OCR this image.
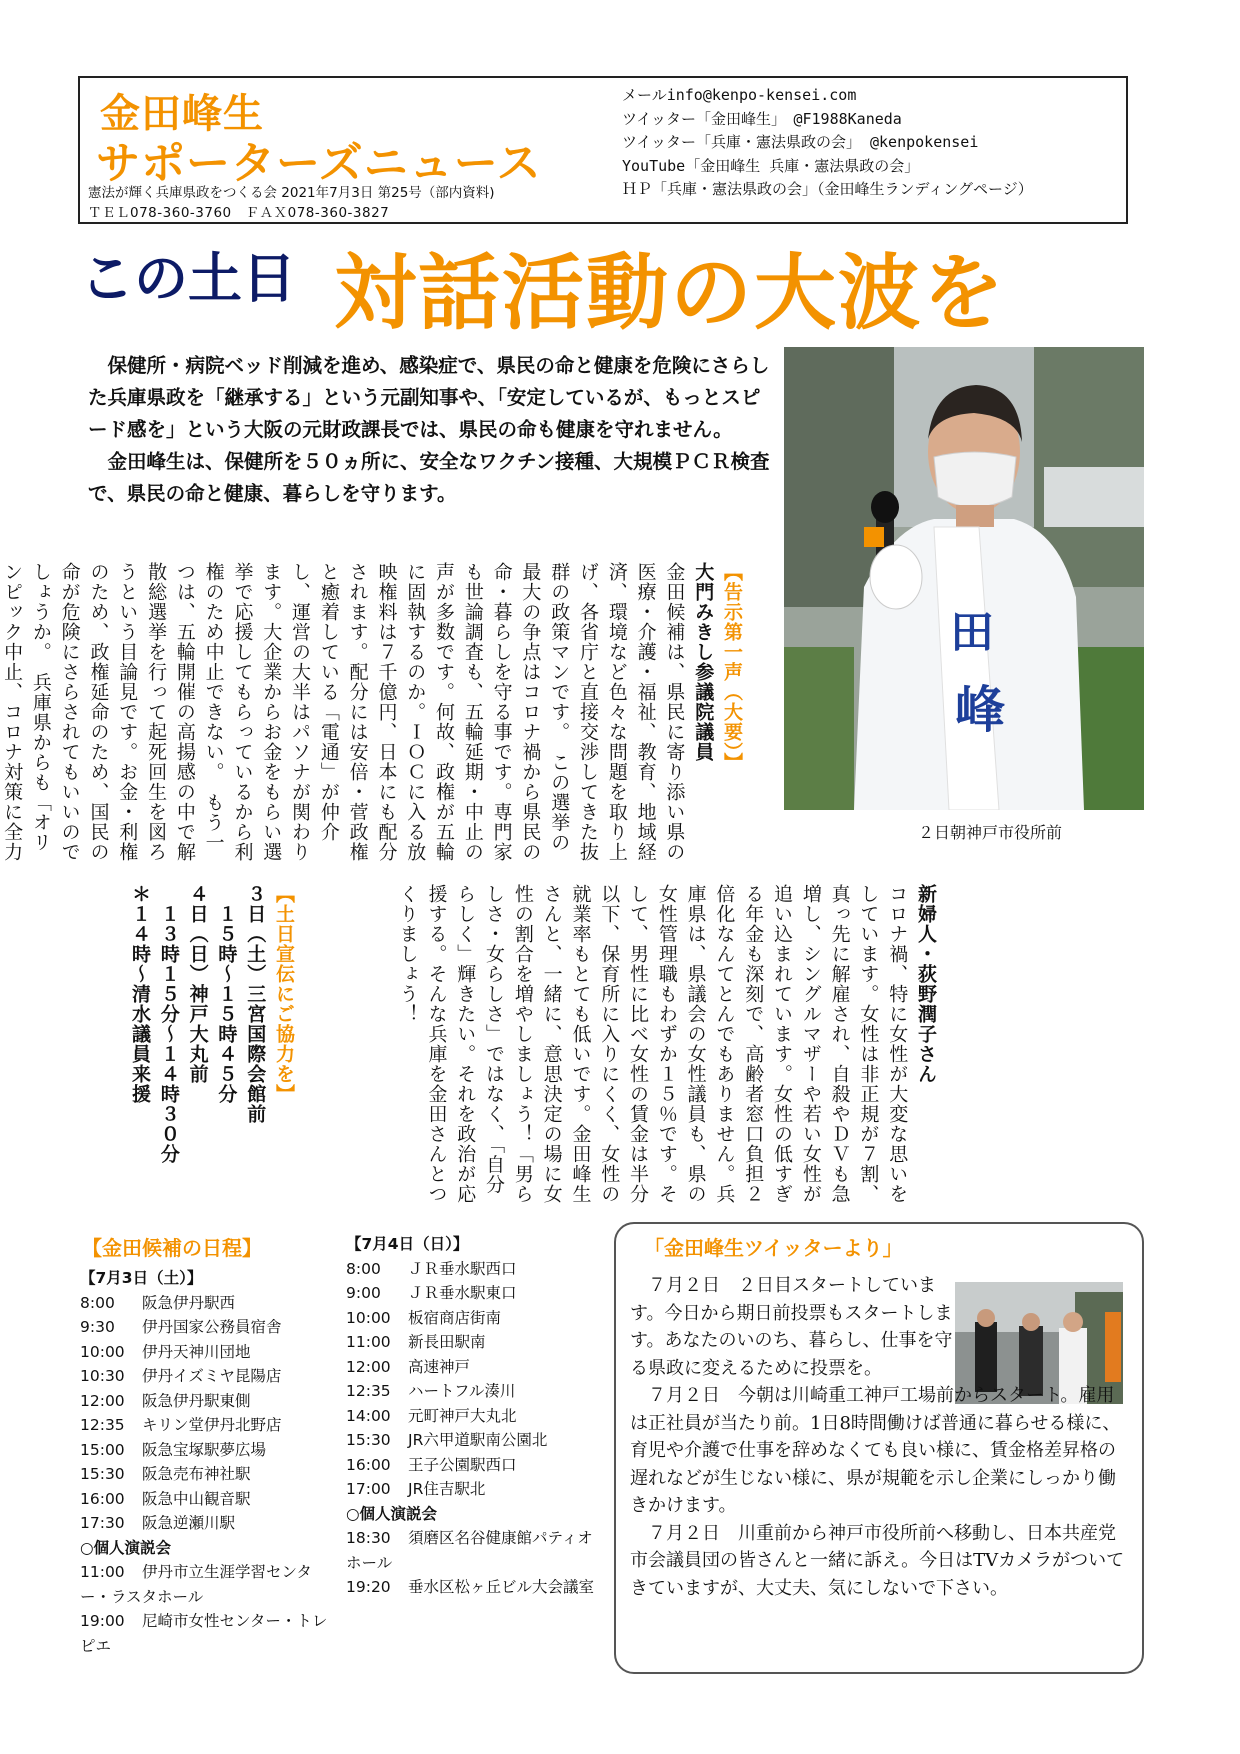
金田峰生
サポーターズニュース
憲法が輝く兵庫県政をつくる会 2021年7月3日 第25号（部内資料)
ＴＥＬ078-360-3760　ＦＡＸ078-360-3827
メールinfo@kenpo-kensei.com
ツイッター「金田峰生」　@F1988Kaneda
ツイッター「兵庫・憲法県政の会」 @kenpokensei
YouTube「金田峰生 兵庫・憲法県政の会」
ＨＰ「兵庫・憲法県政の会」（金田峰生ランディングページ）
この土日 対話活動の大波を

保健所・病院ベッド削減を進め、感染症で、県民の命と健康を危険にさらした兵庫県政を「継承する」という元副知事や、「安定しているが、もっとスピード感を」という大阪の元財政課長では、県民の命も健康を守れません。

金田峰生は、保健所を５０ヵ所に、安全なワクチン接種、大規模ＰＣＲ検査で、県民の命と健康、暮らしを守ります。

田
峰
２日朝神戸市役所前

【告示第一声（大要）】

大門みきし参議院議員

金田候補は、県民に寄り添い県の医療・介護・福祉、教育、地域経済、環境など色々な問題を取り上げ、各省庁と直接交渉してきた抜群の政策マンです。　この選挙の最大の争点はコロナ禍から県民の命・暮らしを守る事です。専門家も世論調査も、五輪延期・中止の声が多数です。何故、政権が五輪に固執するのか。ＩＯＣに入る放映権料は７千億円、日本にも配分されます。配分には安倍・菅政権と癒着している「電通」が仲介し、運営の大半はパソナが関わります。大企業からお金をもらい選挙で応援してもらっているから利権のため中止できない。　もう一つは、五輪開催の高揚感の中で解散総選挙を行って起死回生を図ろうという目論見です。お金・利権のため、政権延命のため、国民の命が危険にさらされてもいいのでしょうか。　兵庫県からも「オリンピック中止、コロナ対策に全力

新婦人・荻野潤子さん

コロナ禍、特に女性が大変な思いをしています。女性は非正規が７割、真っ先に解雇され、自殺やＤＶも急増し、シングルマザーや若い女性が追い込まれています。女性の低すぎる年金も深刻で、高齢者窓口負担２倍化なんてとんでもありません。兵庫県は、県議会の女性議員も、県の女性管理職もわずか１５％です。そして、男性に比べ女性の賃金は半分以下、保育所に入りにくく、女性の就業率もとても低いです。金田峰生さんと、一緒に、意思決定の場に女性の割合を増やしましょう！「男らしさ・女らしさ」ではなく、「自分らしく」輝きたい。それを政治が応援する。そんな兵庫を金田さんとつくりましょう！

【土日宣伝にご協力を】

３日（土）三宮国際会館前

　１５時～１５時４５分

４日（日）神戸大丸前

　１３時１５分～１４時３０分

＊１４時～清水議員来援

【金田候補の日程】
【7月3日（土）】
8:00 阪急伊丹駅西
9:30 伊丹国家公務員宿舎
10:00 伊丹天神川団地
10:30 伊丹イズミヤ昆陽店
12:00 阪急伊丹駅東側
12:35 キリン堂伊丹北野店
15:00 阪急宝塚駅夢広場
15:30 阪急売布神社駅
16:00 阪急中山観音駅
17:30 阪急逆瀬川駅
○個人演説会
11:00 伊丹市立生涯学習センター・ラスタホール
19:00 尼崎市女性センター・トレピエ
【7月4日（日）】
8:00 ＪＲ垂水駅西口
9:00 ＪＲ垂水駅東口
10:00 板宿商店街南
11:00 新長田駅南
12:00 高速神戸
12:35 ハートフル湊川
14:00 元町神戸大丸北
15:30 JR六甲道駅南公園北
16:00 王子公園駅西口
17:00 JR住吉駅北
○個人演説会
18:30 須磨区名谷健康館パティオホール
19:20 垂水区松ヶ丘ビル大会議室
「金田峰生ツイッターより」

７月２日　２日目スタートしています。今日から期日前投票もスタートします。あなたのいのち、暮らし、仕事を守る県政に変えるために投票を。

７月２日　今朝は川崎重工神戸工場前からスタート。雇用は正社員が当たり前。1日8時間働けば普通に暮らせる様に、育児や介護で仕事を辞めなくても良い様に、賃金格差昇格の遅れなどが生じない様に、県が規範を示し企業にしっかり働きかけます。

７月２日　川重前から神戸市役所前へ移動し、日本共産党市会議員団の皆さんと一緒に訴え。今日はTVカメラがついてきていますが、大丈夫、気にしないで下さい。
